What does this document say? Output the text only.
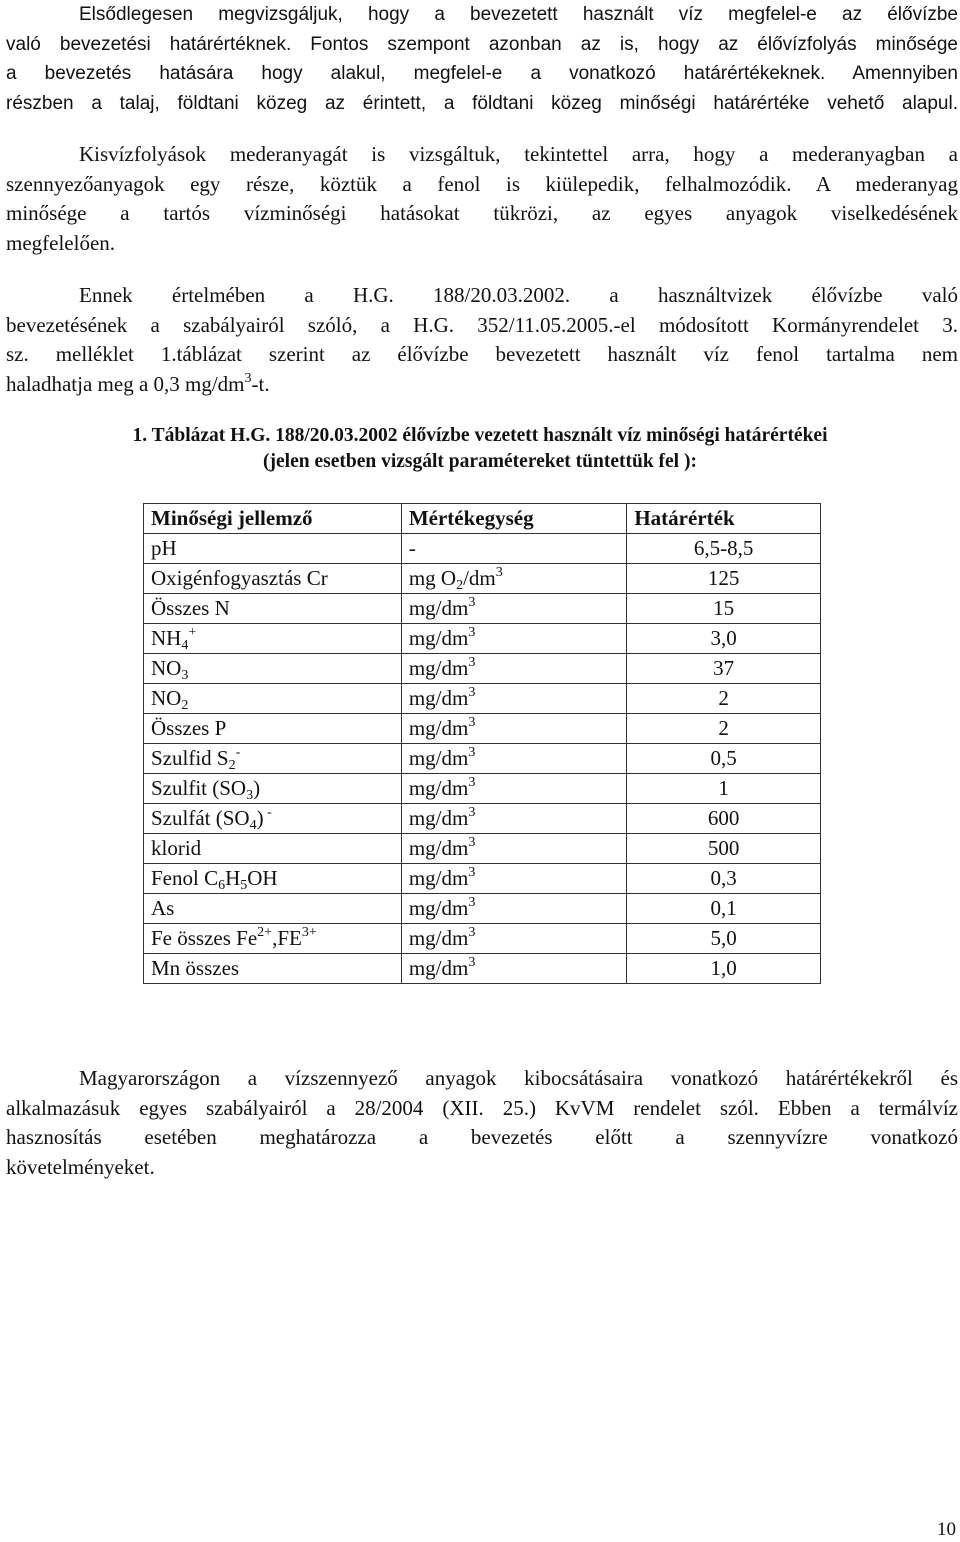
Elsődlegesen megvizsgáljuk, hogy a bevezetett használt víz megfelel-e az élővízbe
való bevezetési határértéknek. Fontos szempont azonban az is, hogy az élővízfolyás minősége
a bevezetés hatására hogy alakul, megfelel-e a vonatkozó határértékeknek. Amennyiben
részben a talaj, földtani közeg az érintett, a földtani közeg minőségi határértéke vehető alapul.
Kisvízfolyások mederanyagát is vizsgáltuk, tekintettel arra, hogy a mederanyagban a
szennyezőanyagok egy része, köztük a fenol is kiülepedik, felhalmozódik. A mederanyag
minősége a tartós vízminőségi hatásokat tükrözi, az egyes anyagok viselkedésének
megfelelően.
Ennek értelmében a H.G. 188/20.03.2002. a használtvizek élővízbe való
bevezetésének a szabályairól szóló, a H.G. 352/11.05.2005.-el módosított Kormányrendelet 3.
sz. melléklet 1.táblázat szerint az élővízbe bevezetett használt víz fenol tartalma nem
haladhatja meg a 0,3 $mg/dm^3-t$.
1. Táblázat H.G. 188/20.03.2002 élővízbe vezetett használt víz minőségi határértékei
(jelen esetben vizsgált paramétereket tüntettük fel ):
Minőségi jellemző	Mértékegység	Határérték
pH	-	6,5-8,5
Oxigénfogyasztás Cr	mg $O_2/dm^3$	125
Összes N	$mg/dm^3$	15
$NH_4^+$	$mg/dm^3$	3,0
$NO_3$	$mg/dm^3$	37
$NO_2$	$mg/dm^3$	2
Összes P	$mg/dm^3$	2
Szulfid $S_2^-$	$mg/dm^3$	0,5
Szulfit $(SO_3)$	$mg/dm^3$	1
Szulfát $(SO_4)$ -	$mg/dm^3$	600
klorid	$mg/dm^3$	500
Fenol $C_6H_5OH$	$mg/dm^3$	0,3
As	$mg/dm^3$	0,1
Fe összes $Fe^{2+},FE^{3+}$	$mg/dm^3$	5,0
Mn összes	$mg/dm^3$	1,0
Magyarországon a vízszennyező anyagok kibocsátásaira vonatkozó határértékekről és
alkalmazásuk egyes szabályairól a 28/2004 (XII. 25.) KvVM rendelet szól. Ebben a termálvíz
hasznosítás esetében meghatározza a bevezetés előtt a szennyvízre vonatkozó
követelményeket.
10
